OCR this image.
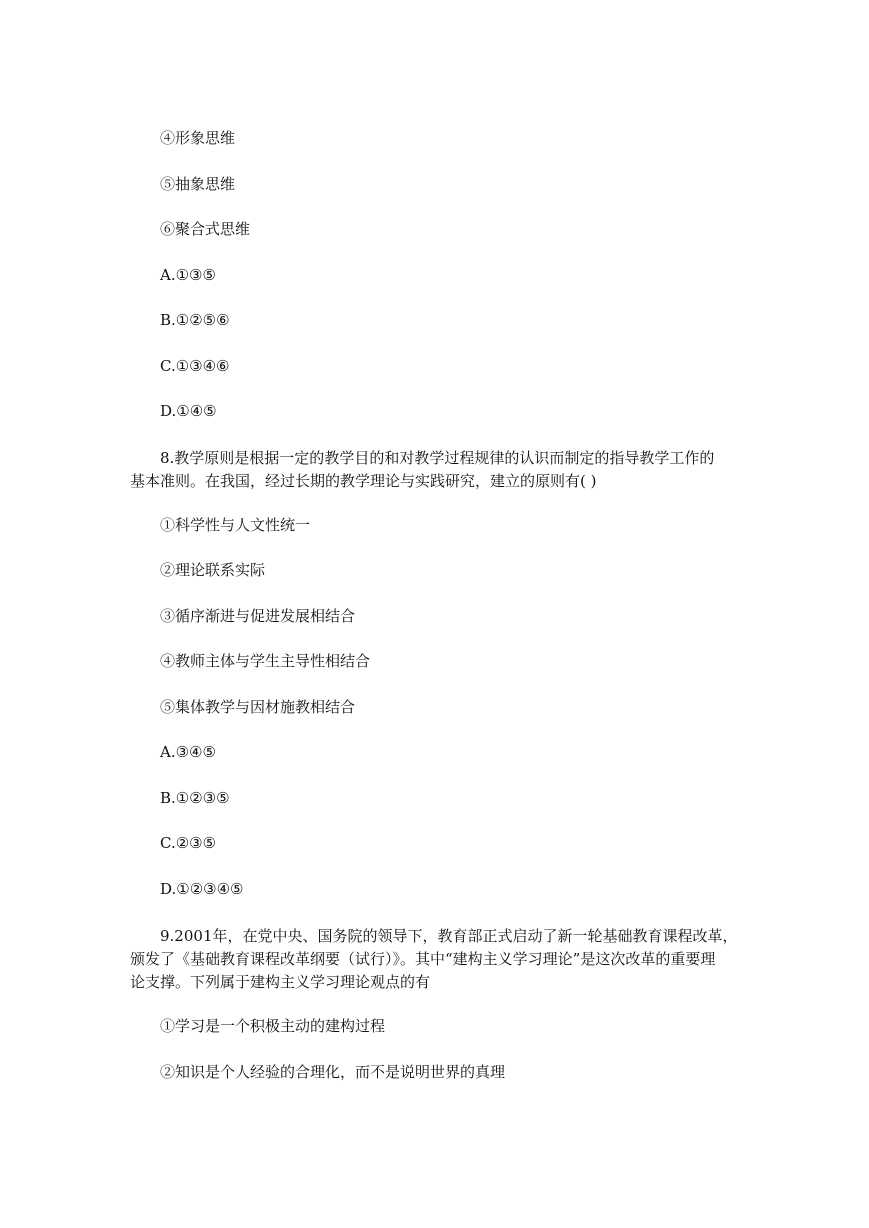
④形象思维

⑤抽象思维

⑥聚合式思维

A.①③⑤

B.①②⑤⑥

C.①③④⑥

D.①④⑤

8.教学原则是根据一定的教学目的和对教学过程规律的认识而制定的指导教学工作的

基本准则。在我国，经过长期的教学理论与实践研究，建立的原则有( )

①科学性与人文性统一

②理论联系实际

③循序渐进与促进发展相结合

④教师主体与学生主导性相结合

⑤集体教学与因材施教相结合

A.③④⑤

B.①②③⑤

C.②③⑤

D.①②③④⑤

9.2001年，在党中央、国务院的领导下，教育部正式启动了新一轮基础教育课程改革，

颁发了《基础教育课程改革纲要（试行）》。其中“建构主义学习理论”是这次改革的重要理

论支撑。下列属于建构主义学习理论观点的有

①学习是一个积极主动的建构过程

②知识是个人经验的合理化，而不是说明世界的真理
